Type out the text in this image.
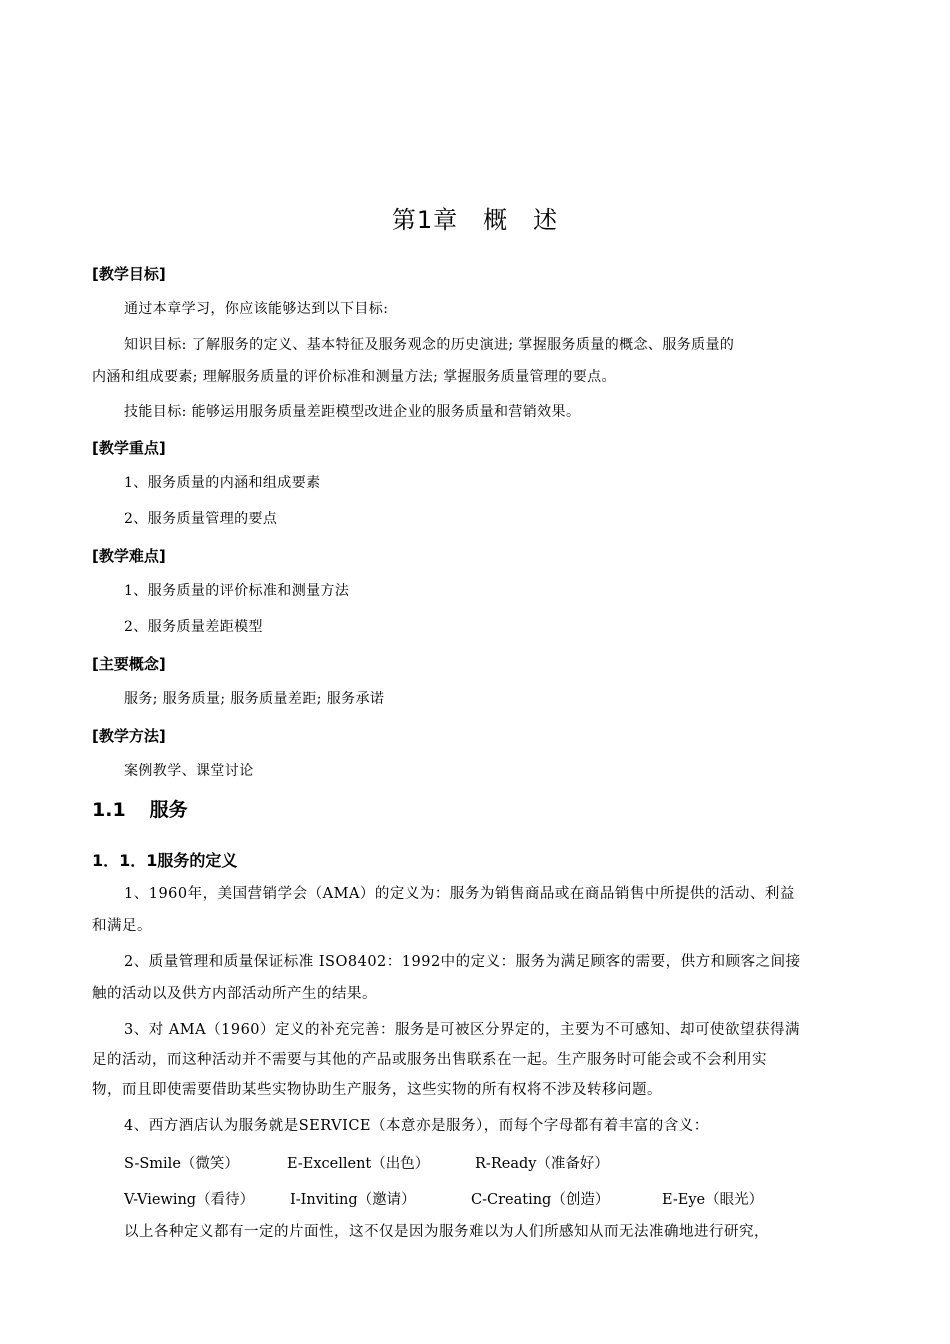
第1章　概　述
[教学目标]
通过本章学习，你应该能够达到以下目标:
知识目标: 了解服务的定义、基本特征及服务观念的历史演进; 掌握服务质量的概念、服务质量的
内涵和组成要素; 理解服务质量的评价标准和测量方法; 掌握服务质量管理的要点。
技能目标: 能够运用服务质量差距模型改进企业的服务质量和营销效果。
[教学重点]
1、服务质量的内涵和组成要素
2、服务质量管理的要点
[教学难点]
1、服务质量的评价标准和测量方法
2、服务质量差距模型
[主要概念]
服务; 服务质量; 服务质量差距; 服务承诺
[教学方法]
案例教学、课堂讨论
1.1 服务
1．1．1服务的定义
1、1960年，美国营销学会（AMA）的定义为：服务为销售商品或在商品销售中所提供的活动、利益
和满足。
2、质量管理和质量保证标准 ISO8402：1992中的定义：服务为满足顾客的需要，供方和顾客之间接
触的活动以及供方内部活动所产生的结果。
3、对 AMA（1960）定义的补充完善：服务是可被区分界定的，主要为不可感知、却可使欲望获得满
足的活动，而这种活动并不需要与其他的产品或服务出售联系在一起。生产服务时可能会或不会利用实
物，而且即使需要借助某些实物协助生产服务，这些实物的所有权将不涉及转移问题。
4、西方酒店认为服务就是SERVICE（本意亦是服务），而每个字母都有着丰富的含义：
S-Smile（微笑）	E-Excellent（出色）	R-Ready（准备好）
V-Viewing（看待） I-Inviting（邀请）	C-Creating（创造）	E-Eye（眼光）
以上各种定义都有一定的片面性，这不仅是因为服务难以为人们所感知从而无法准确地进行研究，
